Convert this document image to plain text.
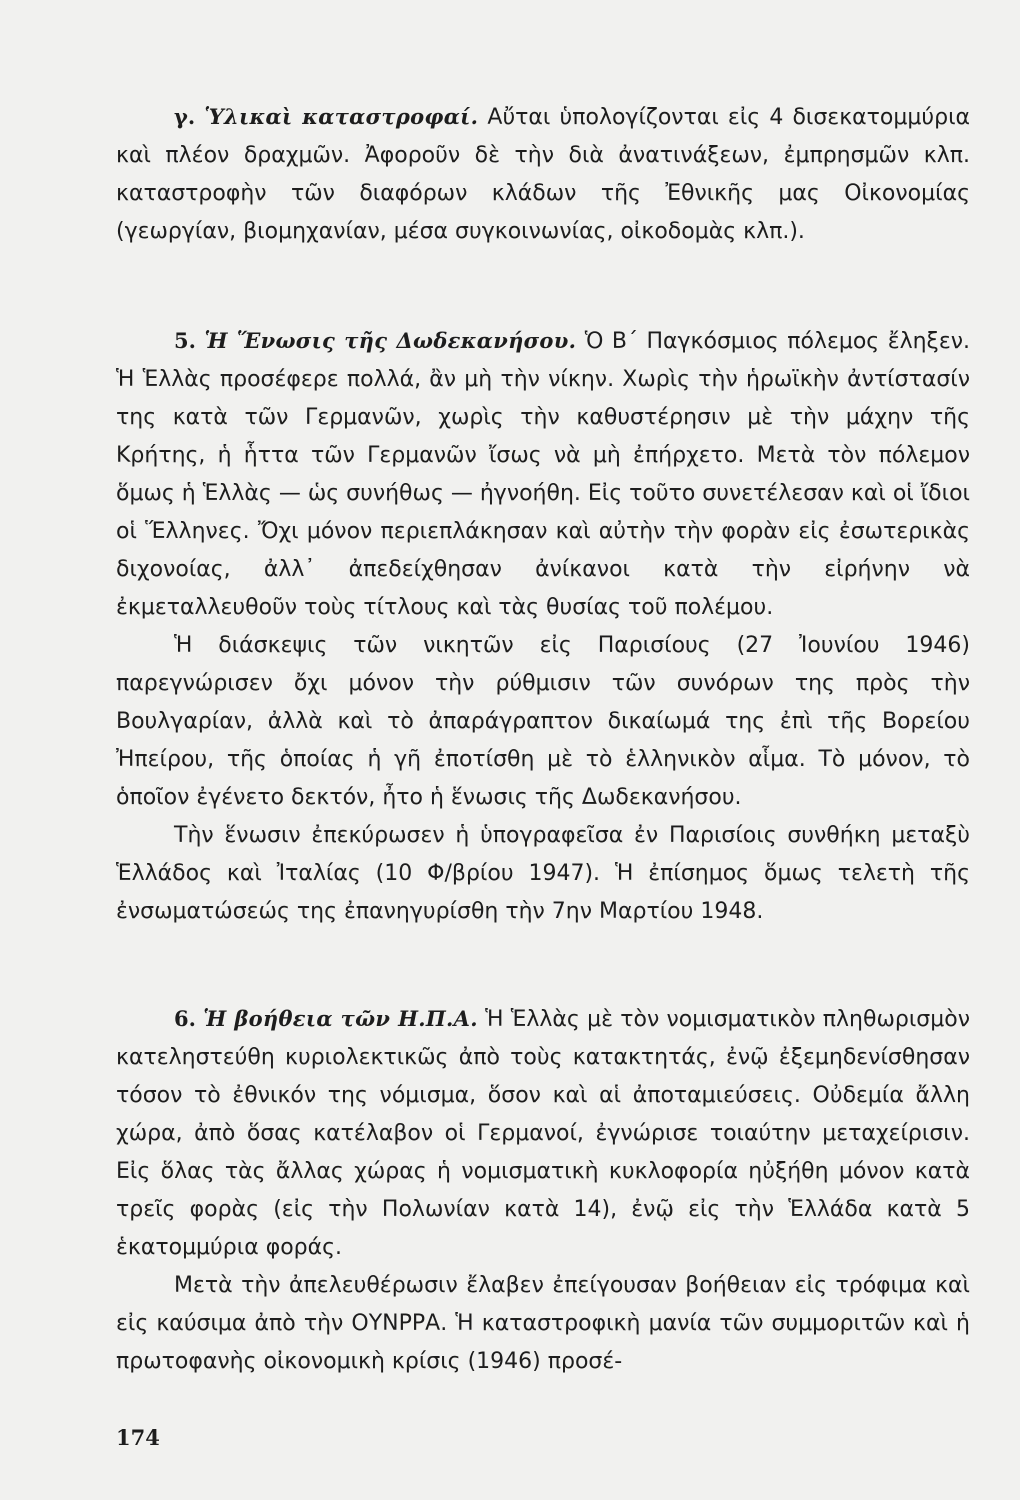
γ. Ὑλικαὶ καταστροφαί. Αὔται ὑπολογίζονται εἰς 4 δισεκατομμύρια καὶ πλέον δραχμῶν. Ἀφοροῦν δὲ τὴν διὰ ἀνατινάξεων, ἐμπρησμῶν κλπ. καταστροφὴν τῶν διαφόρων κλάδων τῆς Ἐθνικῆς μας Οἰκονομίας (γεωργίαν, βιομηχανίαν, μέσα συγκοινωνίας, οἰκοδομὰς κλπ.).

5. Ἡ Ἕνωσις τῆς Δωδεκανήσου. Ὁ Β΄ Παγκόσμιος πόλεμος ἔληξεν. Ἡ Ἑλλὰς προσέφερε πολλά, ἂν μὴ τὴν νίκην. Χωρὶς τὴν ἡρωϊκὴν ἀντίστασίν της κατὰ τῶν Γερμανῶν, χωρὶς τὴν καθυστέρησιν μὲ τὴν μάχην τῆς Κρήτης, ἡ ἧττα τῶν Γερμανῶν ἴσως νὰ μὴ ἐπήρχετο. Μετὰ τὸν πόλεμον ὅμως ἡ Ἑλλὰς — ὡς συνήθως — ἠγνοήθη. Εἰς τοῦτο συνετέλεσαν καὶ οἱ ἴδιοι οἱ Ἕλληνες. Ὄχι μόνον περιεπλάκησαν καὶ αὐτὴν τὴν φορὰν εἰς ἐσωτερικὰς διχονοίας, ἀλλ᾽ ἀπεδείχθησαν ἀνίκανοι κατὰ τὴν εἰρήνην νὰ ἐκμεταλλευθοῦν τοὺς τίτλους καὶ τὰς θυσίας τοῦ πολέμου.

Ἡ διάσκεψις τῶν νικητῶν εἰς Παρισίους (27 Ἰουνίου 1946) παρεγνώρισεν ὄχι μόνον τὴν ρύθμισιν τῶν συνόρων της πρὸς τὴν Βουλγαρίαν, ἀλλὰ καὶ τὸ ἀπαράγραπτον δικαίωμά της ἐπὶ τῆς Βορείου Ἠπείρου, τῆς ὁποίας ἡ γῆ ἐποτίσθη μὲ τὸ ἑλληνικὸν αἷμα. Τὸ μόνον, τὸ ὁποῖον ἐγένετο δεκτόν, ἦτο ἡ ἕνωσις τῆς Δωδεκανήσου.

Τὴν ἕνωσιν ἐπεκύρωσεν ἡ ὑπογραφεῖσα ἐν Παρισίοις συνθήκη μεταξὺ Ἑλλάδος καὶ Ἰταλίας (10 Φ/βρίου 1947). Ἡ ἐπίσημος ὅμως τελετὴ τῆς ἐνσωματώσεώς της ἐπανηγυρίσθη τὴν 7ην Μαρτίου 1948.

6. Ἡ βοήθεια τῶν Η.Π.Α. Ἡ Ἑλλὰς μὲ τὸν νομισματικὸν πληθωρισμὸν κατεληστεύθη κυριολεκτικῶς ἀπὸ τοὺς κατακτητάς, ἐνῷ ἐξεμηδενίσθησαν τόσον τὸ ἐθνικόν της νόμισμα, ὅσον καὶ αἱ ἀποταμιεύσεις. Οὐδεμία ἄλλη χώρα, ἀπὸ ὅσας κατέλαβον οἱ Γερμανοί, ἐγνώρισε τοιαύτην μεταχείρισιν. Εἰς ὅλας τὰς ἄλλας χώρας ἡ νομισματικὴ κυκλοφορία ηὐξήθη μόνον κατὰ τρεῖς φορὰς (εἰς τὴν Πολωνίαν κατὰ 14), ἐνῷ εἰς τὴν Ἑλλάδα κατὰ 5 ἑκατομμύρια φοράς.

Μετὰ τὴν ἀπελευθέρωσιν ἔλαβεν ἐπείγουσαν βοήθειαν εἰς τρόφιμα καὶ εἰς καύσιμα ἀπὸ τὴν ΟΥΝΡΡΑ. Ἡ καταστροφικὴ μανία τῶν συμμοριτῶν καὶ ἡ πρωτοφανὴς οἰκονομικὴ κρίσις (1946) προσέ-

174
